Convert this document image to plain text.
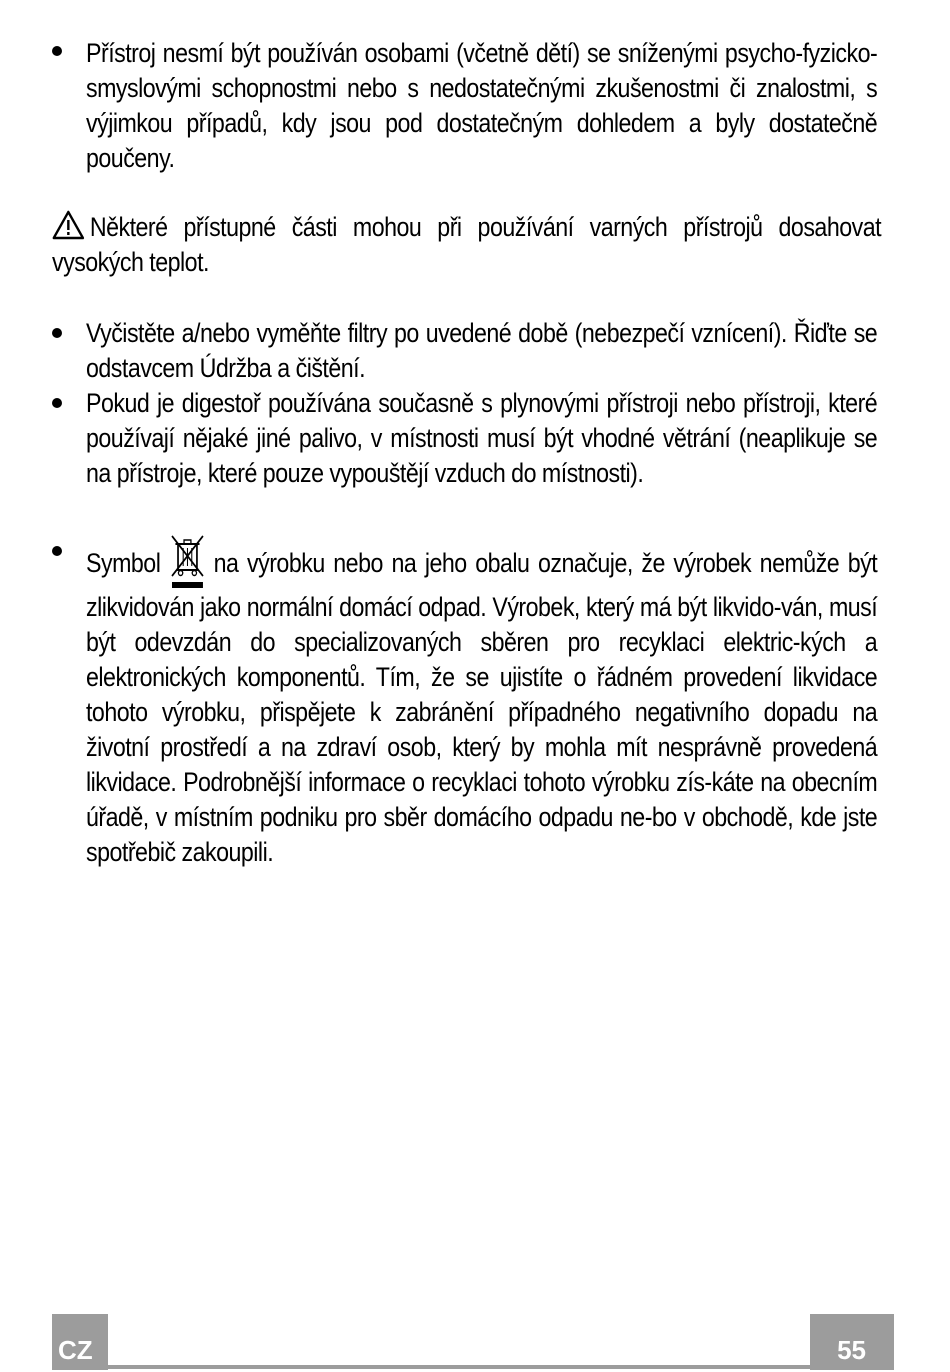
Přístroj nesmí být používán osobami (včetně dětí) se sníženými psycho-fyzicko-smyslovými schopnostmi nebo s nedostatečnými zkušenostmi či znalostmi, s výjimkou případů, kdy jsou pod dostatečným dohledem a byly dostatečně poučeny.
Některé přístupné části mohou při používání varných přístrojů dosahovat vysokých teplot.
Vyčistěte a/nebo vyměňte filtry po uvedené době (nebezpečí vznícení). Řiďte se odstavcem Údržba a čištění.
Pokud je digestoř používána současně s plynovými přístroji nebo přístroji, které používají nějaké jiné palivo, v místnosti musí být vhodné větrání (neaplikuje se na přístroje, které pouze vypouštějí vzduch do místnosti).
Symbol na výrobku nebo na jeho obalu označuje, že výrobek nemůže být zlikvidován jako normální domácí odpad. Výrobek, který má být likvido-ván, musí být odevzdán do specializovaných sběren pro recyklaci elektric-kých a elektronických komponentů. Tím, že se ujistíte o řádném provedení likvidace tohoto výrobku, přispějete k zabránění případného negativního dopadu na životní prostředí a na zdraví osob, který by mohla mít nesprávně provedená likvidace. Podrobnější informace o recyklaci tohoto výrobku zís-káte na obecním úřadě, v místním podniku pro sběr domácího odpadu ne-bo v obchodě, kde jste spotřebič zakoupili.
CZ	55
